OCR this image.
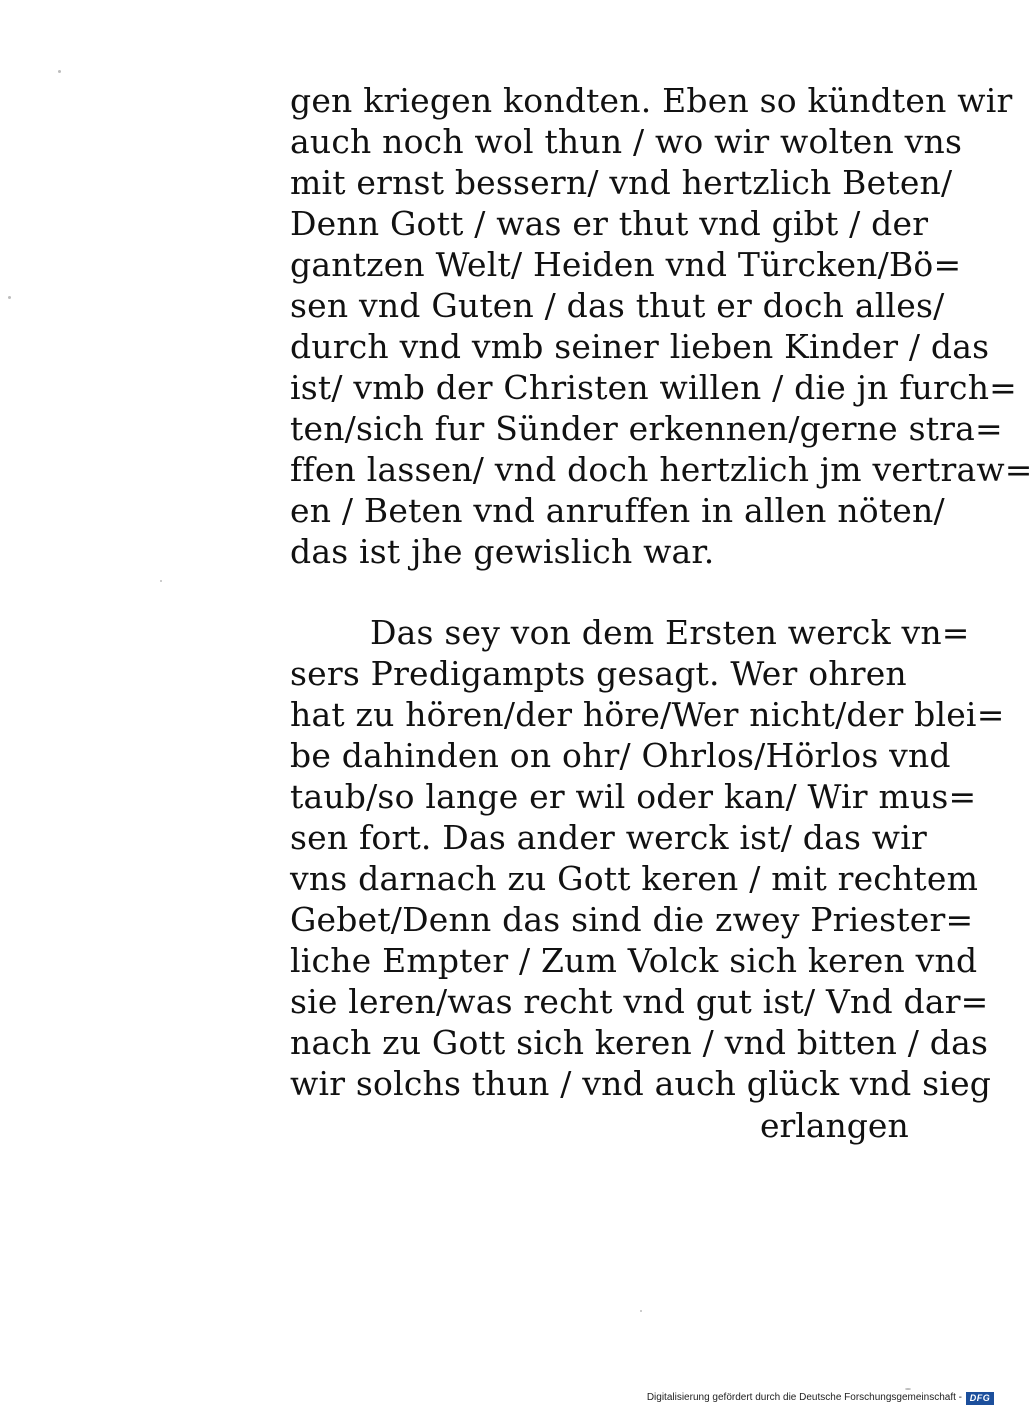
gen kriegen kondten. Eben so kündten wir
auch noch wol thun / wo wir wolten vns
mit ernst bessern/ vnd hertzlich Beten/
Denn Gott / was er thut vnd gibt / der
gantzen Welt/ Heiden vnd Türcken/Bö=
sen vnd Guten / das thut er doch alles/
durch vnd vmb seiner lieben Kinder / das
ist/ vmb der Christen willen / die jn furch=
ten/sich fur Sünder erkennen/gerne stra=
ffen lassen/ vnd doch hertzlich jm vertraw=
en / Beten vnd anruffen in allen nöten/
das ist jhe gewislich war.
Das sey von dem Ersten werck vn=
sers Predigampts gesagt. Wer ohren
hat zu hören/der höre/Wer nicht/der blei=
be dahinden on ohr/ Ohrlos/Hörlos vnd
taub/so lange er wil oder kan/ Wir mus=
sen fort. Das ander werck ist/ das wir
vns darnach zu Gott keren / mit rechtem
Gebet/Denn das sind die zwey Priester=
liche Empter / Zum Volck sich keren vnd
sie leren/was recht vnd gut ist/ Vnd dar=
nach zu Gott sich keren / vnd bitten / das
wir solchs thun / vnd auch glück vnd sieg
erlangen
Digitalisierung gefördert durch die Deutsche Forschungsgemeinschaft - DFG
